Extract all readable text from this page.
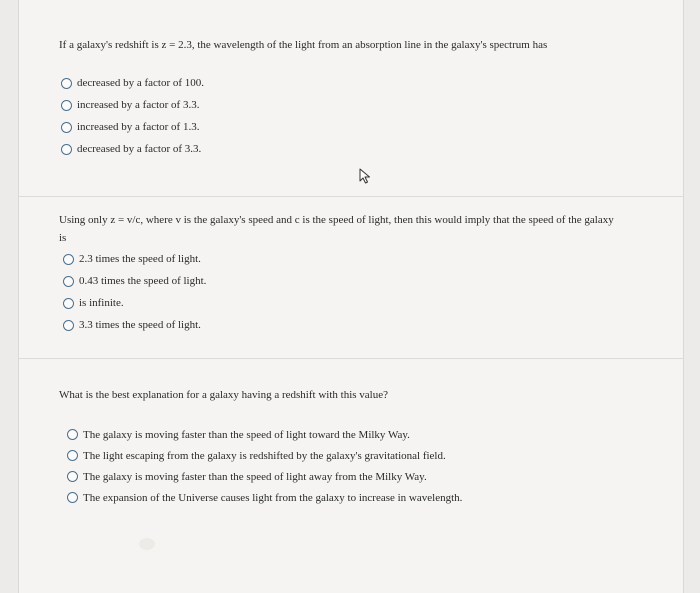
If a galaxy's redshift is z = 2.3, the wavelength of the light from an absorption line in the galaxy's spectrum has
decreased by a factor of 100.
increased by a factor of 3.3.
increased by a factor of 1.3.
decreased by a factor of 3.3.
Using only z = v/c, where v is the galaxy's speed and c is the speed of light, then this would imply that the speed of the galaxy is
2.3 times the speed of light.
0.43 times the speed of light.
is infinite.
3.3 times the speed of light.
What is the best explanation for a galaxy having a redshift with this value?
The galaxy is moving faster than the speed of light toward the Milky Way.
The light escaping from the galaxy is redshifted by the galaxy's gravitational field.
The galaxy is moving faster than the speed of light away from the Milky Way.
The expansion of the Universe causes light from the galaxy to increase in wavelength.
